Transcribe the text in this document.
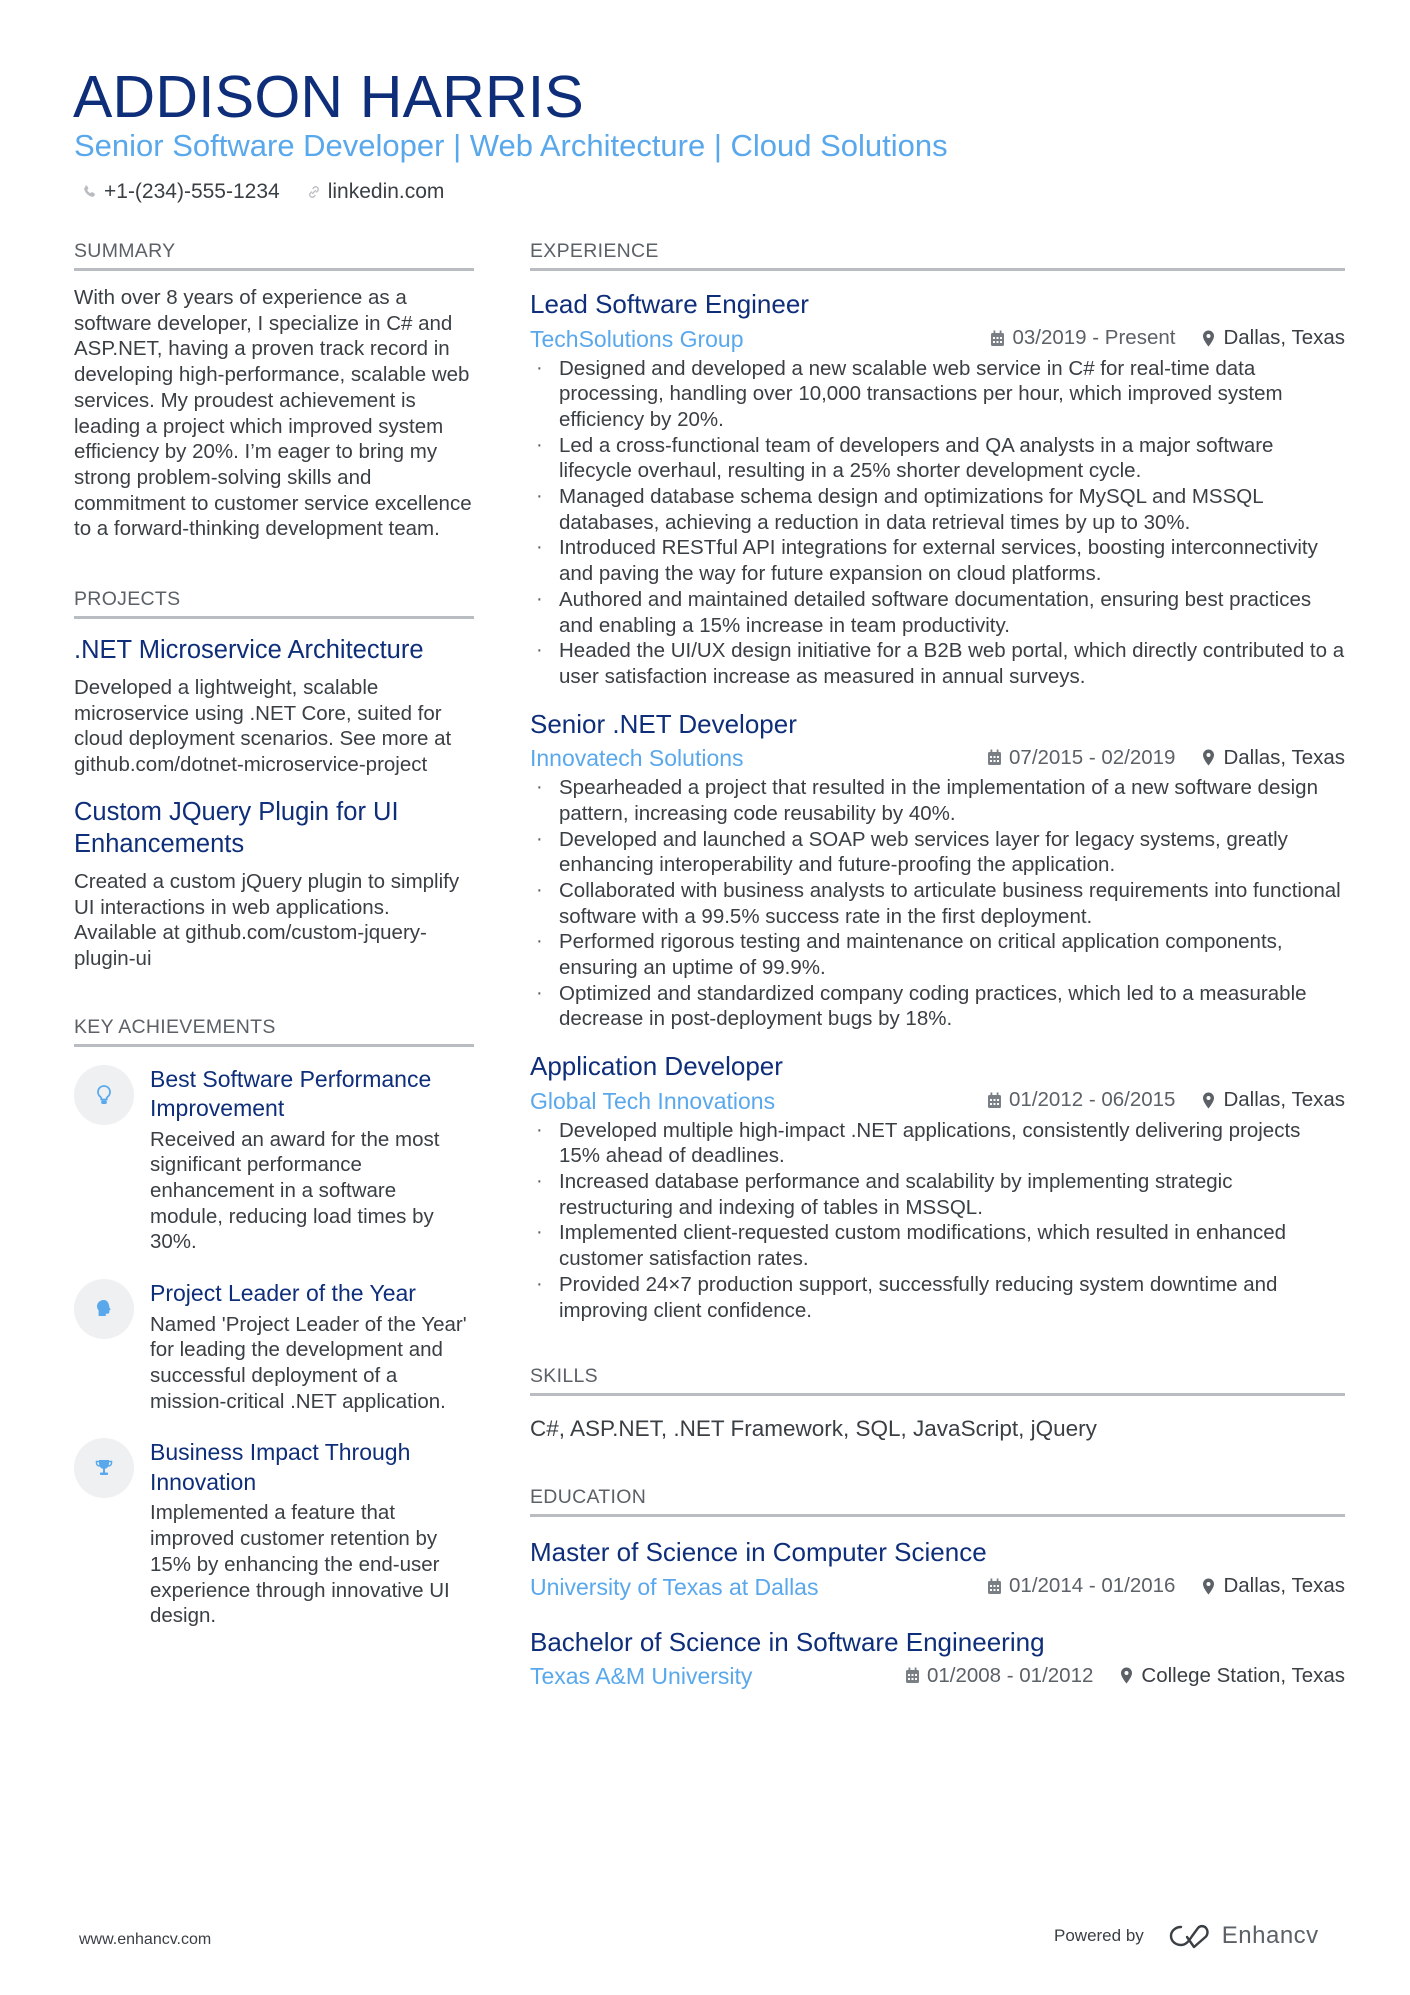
ADDISON HARRIS
Senior Software Developer | Web Architecture | Cloud Solutions
+1-(234)-555-1234 linkedin.com
SUMMARY

With over 8 years of experience as a software developer, I specialize in C# and ASP.NET, having a proven track record in developing high-performance, scalable web services. My proudest achievement is leading a project which improved system efficiency by 20%. I’m eager to bring my strong problem-solving skills and commitment to customer service excellence to a forward-thinking development team.

PROJECTS
.NET Microservice Architecture

Developed a lightweight, scalable microservice using .NET Core, suited for cloud deployment scenarios. See more at github.com/dotnet-microservice-project

Custom JQuery Plugin for UI Enhancements

Created a custom jQuery plugin to simplify UI interactions in web applications. Available at github.com/custom-jquery-plugin-ui

KEY ACHIEVEMENTS
Best Software Performance Improvement

Received an award for the most significant performance enhancement in a software module, reducing load times by 30%.

Project Leader of the Year

Named 'Project Leader of the Year' for leading the development and successful deployment of a mission-critical .NET application.

Business Impact Through Innovation

Implemented a feature that improved customer retention by 15% by enhancing the end-user experience through innovative UI design.

EXPERIENCE
Lead Software Engineer
TechSolutions Group	03/2019 - Present Dallas, Texas
· Designed and developed a new scalable web service in C# for real-time data processing, handling over 10,000 transactions per hour, which improved system efficiency by 20%.
· Led a cross-functional team of developers and QA analysts in a major software lifecycle overhaul, resulting in a 25% shorter development cycle.
· Managed database schema design and optimizations for MySQL and MSSQL databases, achieving a reduction in data retrieval times by up to 30%.
· Introduced RESTful API integrations for external services, boosting interconnectivity and paving the way for future expansion on cloud platforms.
· Authored and maintained detailed software documentation, ensuring best practices and enabling a 15% increase in team productivity.
· Headed the UI/UX design initiative for a B2B web portal, which directly contributed to a user satisfaction increase as measured in annual surveys.
Senior .NET Developer
Innovatech Solutions	07/2015 - 02/2019 Dallas, Texas
· Spearheaded a project that resulted in the implementation of a new software design pattern, increasing code reusability by 40%.
· Developed and launched a SOAP web services layer for legacy systems, greatly enhancing interoperability and future-proofing the application.
· Collaborated with business analysts to articulate business requirements into functional software with a 99.5% success rate in the first deployment.
· Performed rigorous testing and maintenance on critical application components, ensuring an uptime of 99.9%.
· Optimized and standardized company coding practices, which led to a measurable decrease in post-deployment bugs by 18%.
Application Developer
Global Tech Innovations	01/2012 - 06/2015 Dallas, Texas
· Developed multiple high-impact .NET applications, consistently delivering projects 15% ahead of deadlines.
· Increased database performance and scalability by implementing strategic restructuring and indexing of tables in MSSQL.
· Implemented client-requested custom modifications, which resulted in enhanced customer satisfaction rates.
· Provided 24×7 production support, successfully reducing system downtime and improving client confidence.
SKILLS

C#, ASP.NET, .NET Framework, SQL, JavaScript, jQuery

EDUCATION
Master of Science in Computer Science
University of Texas at Dallas	01/2014 - 01/2016 Dallas, Texas
Bachelor of Science in Software Engineering
Texas A&M University	01/2008 - 01/2012 College Station, Texas
www.enhancv.com	Powered by	Enhancv
